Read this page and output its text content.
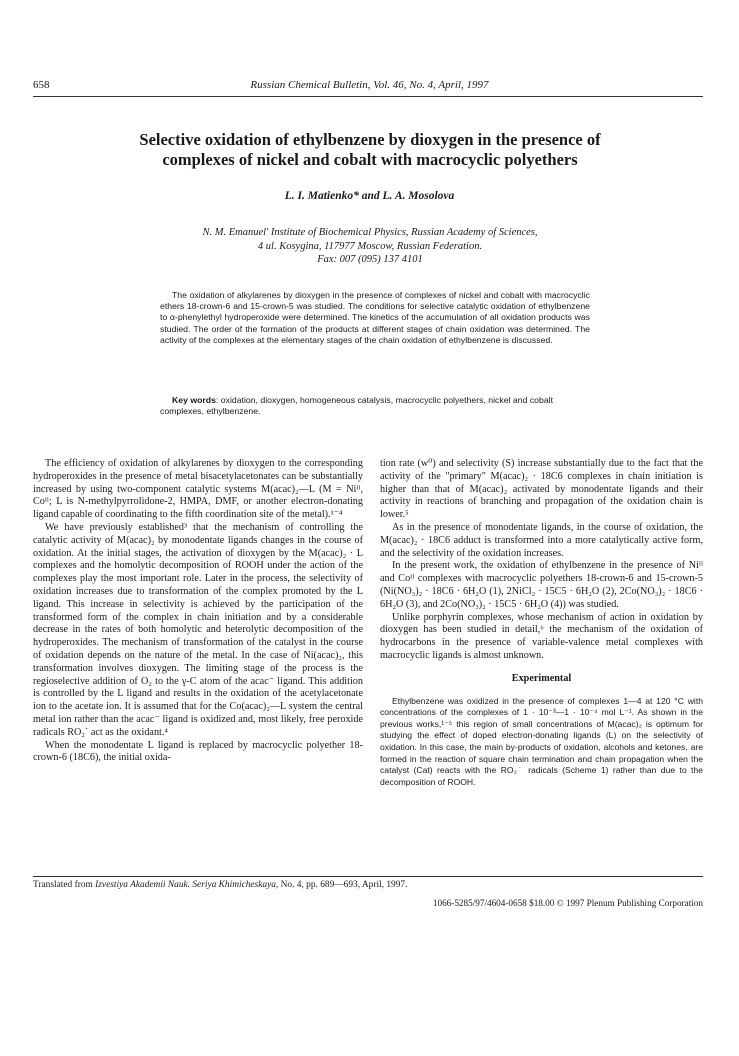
658	Russian Chemical Bulletin, Vol. 46, No. 4, April, 1997
Selective oxidation of ethylbenzene by dioxygen in the presence of
complexes of nickel and cobalt with macrocyclic polyethers
L. I. Matienko* and L. A. Mosolova
N. M. Emanuel' Institute of Biochemical Physics, Russian Academy of Sciences,
4 ul. Kosygina, 117977 Moscow, Russian Federation.
Fax: 007 (095) 137 4101
The oxidation of alkylarenes by dioxygen in the presence of complexes of nickel and cobalt with macrocyclic ethers 18-crown-6 and 15-crown-5 was studied. The conditions for selective catalytic oxidation of ethylbenzene to α-phenylethyl hydroperoxide were determined. The kinetics of the accumulation of all oxidation products was studied. The order of the formation of the products at different stages of chain oxidation was determined. The activity of the complexes at the elementary stages of the chain oxidation of ethylbenzene is discussed.
Key words: oxidation, dioxygen, homogeneous catalysis, macrocyclic polyethers, nickel and cobalt complexes, ethylbenzene.

The efficiency of oxidation of alkylarenes by dioxygen to the corresponding hydroperoxides in the presence of metal bisacetylacetonates can be substantially increased by using two-component catalytic systems M(acac)₂—L (M = Niᴵᴵ, Coᴵᴵ; L is N-methylpyrrolidone-2, HMPA, DMF, or another electron-donating ligand capable of coordinating to the fifth coordination site of the metal).¹⁻⁴

We have previously established³ that the mechanism of controlling the catalytic activity of M(acac)₂ by monodentate ligands changes in the course of oxidation. At the initial stages, the activation of dioxygen by the M(acac)₂ · L complexes and the homolytic decomposition of ROOH under the action of the complexes play the most important role. Later in the process, the selectivity of oxidation increases due to transformation of the complex promoted by the L ligand. This increase in selectivity is achieved by the participation of the transformed form of the complex in chain initiation and by a considerable decrease in the rates of both homolytic and heterolytic decomposition of the hydroperoxides. The mechanism of transformation of the catalyst in the course of oxidation depends on the nature of the metal. In the case of Ni(acac)₂, this transformation involves dioxygen. The limiting stage of the process is the regioselective addition of O₂ to the γ-C atom of the acac⁻ ligand. This addition is controlled by the L ligand and results in the oxidation of the acetylacetonate ion to the acetate ion. It is assumed that for the Co(acac)₂—L system the central metal ion rather than the acac⁻ ligand is oxidized and, most likely, free peroxide radicals RO₂˙ act as the oxidant.⁴

When the monodentate L ligand is replaced by macrocyclic polyether 18-crown-6 (18C6), the initial oxida-

tion rate (w⁰) and selectivity (S) increase substantially due to the fact that the activity of the "primary" M(acac)₂ · 18C6 complexes in chain initiation is higher than that of M(acac)₂ activated by monodentate ligands and their activity in reactions of branching and propagation of the oxidation chain is lower.⁵

As in the presence of monodentate ligands, in the course of oxidation, the M(acac)₂ · 18C6 adduct is transformed into a more catalytically active form, and the selectivity of the oxidation increases.

In the present work, the oxidation of ethylbenzene in the presence of Niᴵᴵ and Coᴵᴵ complexes with macrocyclic polyethers 18-crown-6 and 15-crown-5 (Ni(NO₃)₂ · 18C6 · 6H₂O (1), 2NiCl₂ · 15C5 · 6H₂O (2), 2Co(NO₃)₂ · 18C6 · 6H₂O (3), and 2Co(NO₃)₂ · 15C5 · 6H₂O (4)) was studied.

Unlike porphyrin complexes, whose mechanism of action in oxidation by dioxygen has been studied in detail,⁶ the mechanism of the oxidation of hydrocarbons in the presence of variable-valence metal complexes with macrocyclic ligands is almost unknown.

Experimental

Ethylbenzene was oxidized in the presence of complexes 1—4 at 120 °C with concentrations of the complexes of 1 · 10⁻³—1 · 10⁻⁴ mol L⁻¹. As shown in the previous works,¹⁻⁵ this region of small concentrations of M(acac)₂ is optimum for studying the effect of doped electron-donating ligands (L) on the selectivity of oxidation. In this case, the main by-products of oxidation, alcohols and ketones, are formed in the reaction of square chain termination and chain propagation when the catalyst (Cat) reacts with the RO₂˙ radicals (Scheme 1) rather than due to the decomposition of ROOH.

Translated from Izvestiya Akademii Nauk. Seriya Khimicheskaya, No. 4, pp. 689—693, April, 1997.
1066-5285/97/4604-0658 $18.00 © 1997 Plenum Publishing Corporation
